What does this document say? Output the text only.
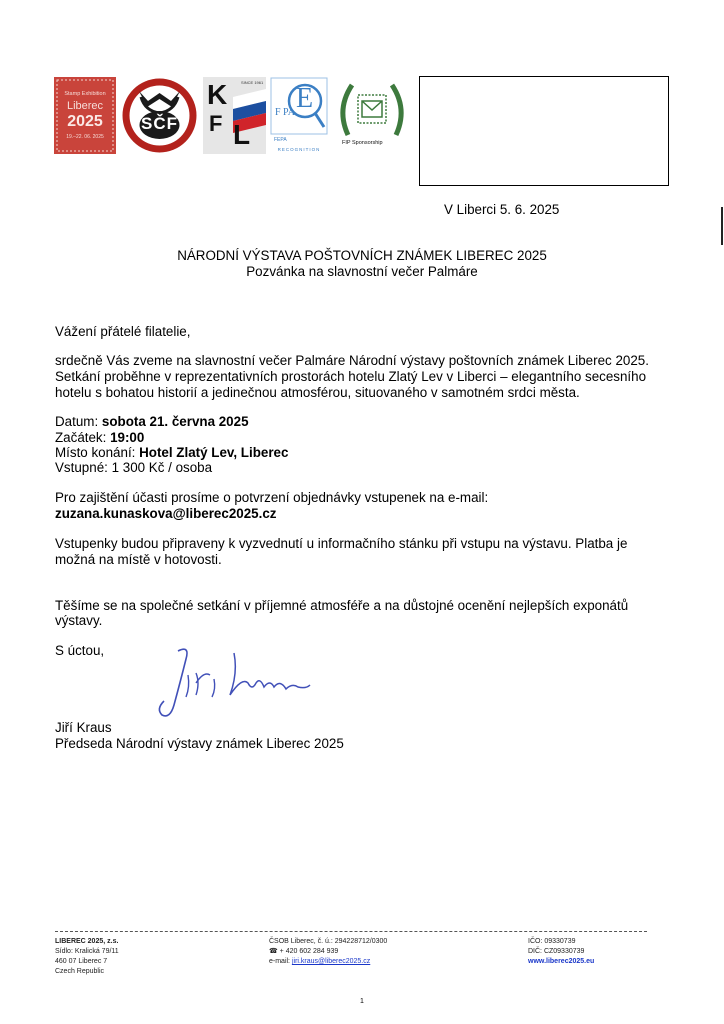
Stamp Exhibition
Liberec
2025
19.–22. 06. 2025
SČF
K
F L
SINCE 1961
E
F PA
FEPA
RECOGNITION
FIP Sponsorship
V Liberci 5. 6. 2025
NÁRODNÍ VÝSTAVA POŠTOVNÍCH ZNÁMEK LIBEREC 2025
Pozvánka na slavnostní večer Palmáre
Vážení přátelé filatelie,
srdečně Vás zveme na slavnostní večer Palmáre Národní výstavy poštovních známek Liberec 2025.
Setkání proběhne v reprezentativních prostorách hotelu Zlatý Lev v Liberci – elegantního secesního
hotelu s bohatou historií a jedinečnou atmosférou, situovaného v samotném srdci města.
Datum: sobota 21. června 2025
Začátek: 19:00
Místo konání: Hotel Zlatý Lev, Liberec
Vstupné: 1 300 Kč / osoba
Pro zajištění účasti prosíme o potvrzení objednávky vstupenek na e-mail:
zuzana.kunaskova@liberec2025.cz
Vstupenky budou připraveny k vyzvednutí u informačního stánku při vstupu na výstavu. Platba je
možná na místě v hotovosti.
Těšíme se na společné setkání v příjemné atmosféře a na důstojné ocenění nejlepších exponátů
výstavy.
S úctou,
Jiří Kraus
Jiří Kraus
Předseda Národní výstavy známek Liberec 2025
LIBEREC 2025, z.s.
Sídlo: Kralická 79/11
460 07 Liberec 7
Czech Republic
ČSOB Liberec, č. ú.: 294228712/0300
☎ + 420 602 284 939
e-mail: jiri.kraus@liberec2025.cz
IČO: 09330739
DIČ: CZ09330739
www.liberec2025.eu
1
